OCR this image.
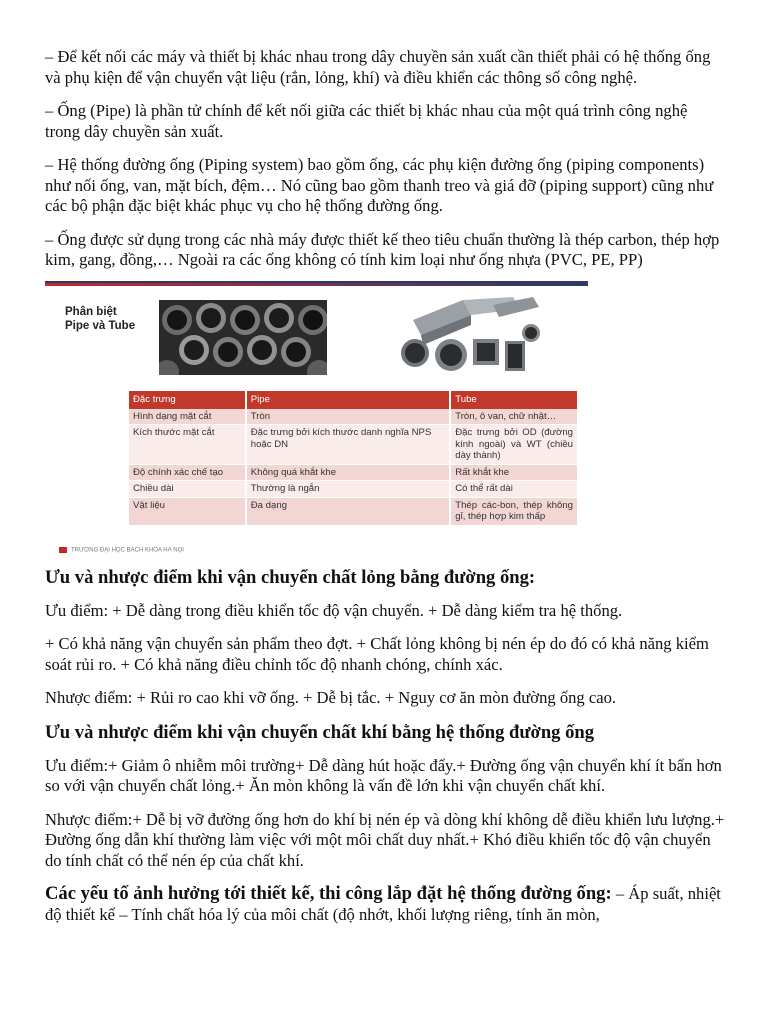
– Để kết nối các máy và thiết bị khác nhau trong dây chuyền sản xuất cần thiết phải có hệ thống ống và phụ kiện để vận chuyển vật liệu (rắn, lỏng, khí) và điều khiển các thông số công nghệ.

– Ống (Pipe) là phần tử chính để kết nối giữa các thiết bị khác nhau của một quá trình công nghệ trong dây chuyền sản xuất.

– Hệ thống đường ống (Piping system) bao gồm ống, các phụ kiện đường ống (piping components) như nối ống, van, mặt bích, đệm… Nó cũng bao gồm thanh treo và giá đỡ (piping support) cũng như các bộ phận đặc biệt khác phục vụ cho hệ thống đường ống.

– Ống được sử dụng trong các nhà máy được thiết kế theo tiêu chuẩn thường là thép carbon, thép hợp kim, gang, đồng,… Ngoài ra các ống không có tính kim loại như ống nhựa (PVC, PE, PP)

Phân biệt
Pipe và Tube
Đặc trưng	Pipe	Tube
Hình dạng mặt cắt	Tròn	Tròn, ô van, chữ nhật…
Kích thước mặt cắt	Đặc trưng bởi kích thước danh nghĩa NPS hoặc DN	Đặc trưng bởi OD (đường kính ngoài) và WT (chiều dày thành)
Độ chính xác chế tạo	Không quá khắt khe	Rất khắt khe
Chiều dài	Thường là ngắn	Có thể rất dài
Vật liệu	Đa dạng	Thép các-bon, thép không gỉ, thép hợp kim thấp
TRƯỜNG ĐẠI HỌC BÁCH KHOA HÀ NỘI
Ưu và nhược điểm khi vận chuyển chất lỏng bằng đường ống:

Ưu điểm: + Dễ dàng trong điều khiển tốc độ vận chuyển. + Dễ dàng kiểm tra hệ thống.

+ Có khả năng vận chuyển sản phẩm theo đợt. + Chất lỏng không bị nén ép do đó có khả năng kiểm soát rủi ro. + Có khả năng điều chỉnh tốc độ nhanh chóng, chính xác.

Nhược điểm: + Rủi ro cao khi vỡ ống. + Dễ bị tắc. + Nguy cơ ăn mòn đường ống cao.

Ưu và nhược điểm khi vận chuyển chất khí bằng hệ thống đường ống

Ưu điểm:+ Giảm ô nhiễm môi trường+ Dễ dàng hút hoặc đẩy.+ Đường ống vận chuyển khí ít bẩn hơn so với vận chuyển chất lỏng.+ Ăn mòn không là vấn đề lớn khi vận chuyển chất khí.

Nhược điểm:+ Dễ bị vỡ đường ống hơn do khí bị nén ép và dòng khí không dễ điều khiển lưu lượng.+ Đường ống dẫn khí thường làm việc với một môi chất duy nhất.+ Khó điều khiển tốc độ vận chuyển do tính chất có thể nén ép của chất khí.

Các yếu tố ảnh hưởng tới thiết kế, thi công lắp đặt hệ thống đường ống: – Áp suất, nhiệt độ thiết kế – Tính chất hóa lý của môi chất (độ nhớt, khối lượng riêng, tính ăn mòn,
